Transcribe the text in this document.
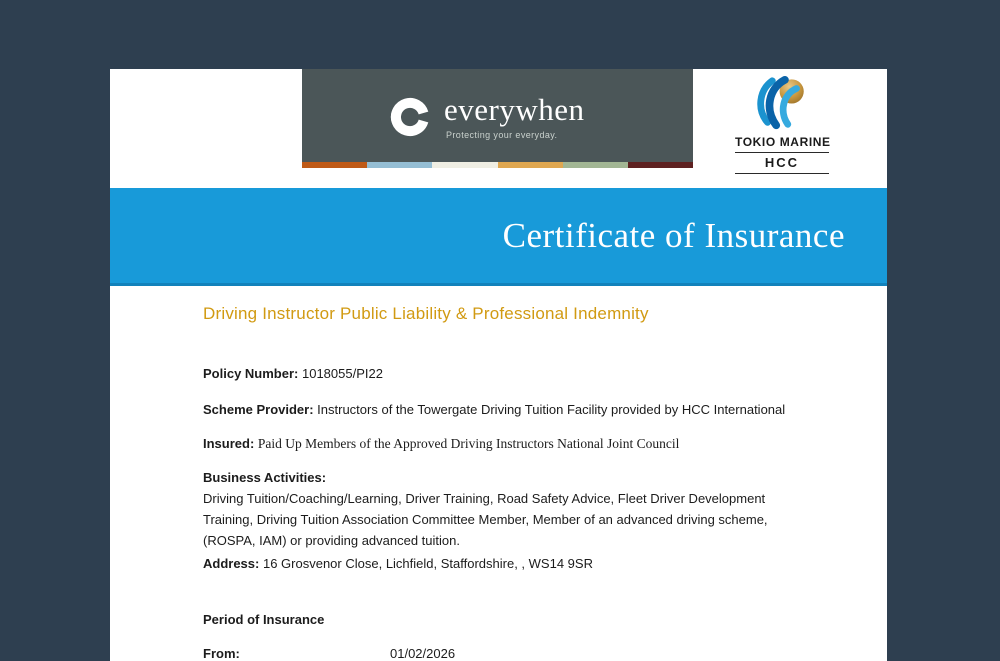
everywhen
Protecting your everyday.	TOKIO MARINE
HCC
Certificate of Insurance
Driving Instructor Public Liability & Professional Indemnity
Policy Number: 1018055/PI22
Scheme Provider: Instructors of the Towergate Driving Tuition Facility provided by HCC International
Insured: Paid Up Members of the Approved Driving Instructors National Joint Council
Business Activities:
Driving Tuition/Coaching/Learning, Driver Training, Road Safety Advice, Fleet Driver Development Training, Driving Tuition Association Committee Member, Member of an advanced driving scheme, (ROSPA, IAM) or providing advanced tuition.
Address: 16 Grosvenor Close, Lichfield, Staffordshire, , WS14 9SR
Period of Insurance
From:	01/02/2026
